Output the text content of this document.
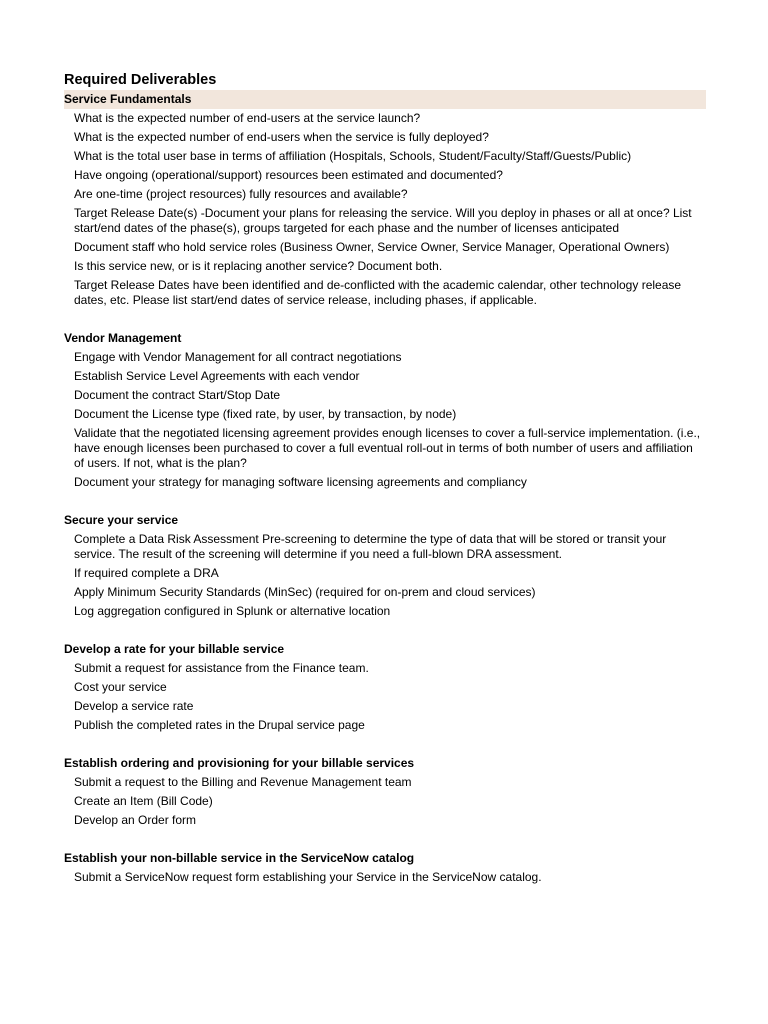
Required Deliverables
Service Fundamentals
What is the expected number of end-users at the service launch?
What is the expected number of end-users when the service is fully deployed?
What is the total user base in terms of affiliation (Hospitals, Schools, Student/Faculty/Staff/Guests/Public)
Have ongoing (operational/support) resources been estimated and documented?
Are one-time (project resources) fully resources and available?
Target Release Date(s) -Document your plans for releasing the service. Will you deploy in phases or all at once? List start/end dates of the phase(s), groups targeted for each phase and the number of licenses anticipated
Document staff who hold service roles (Business Owner, Service Owner, Service Manager, Operational Owners)
Is this service new, or is it replacing another service? Document both.
Target Release Dates have been identified and de-conflicted with the academic calendar, other technology release dates, etc. Please list start/end dates of service release, including phases, if applicable.
Vendor Management
Engage with Vendor Management for all contract negotiations
Establish Service Level Agreements with each vendor
Document the contract Start/Stop Date
Document the License type (fixed rate, by user, by transaction, by node)
Validate that the negotiated licensing agreement provides enough licenses to cover a full-service implementation. (i.e., have enough licenses been purchased to cover a full eventual roll-out in terms of both number of users and affiliation of users. If not, what is the plan?
Document your strategy for managing software licensing agreements and compliancy
Secure your service
Complete a Data Risk Assessment Pre-screening to determine the type of data that will be stored or transit your service. The result of the screening will determine if you need a full-blown DRA assessment.
If required complete a DRA
Apply Minimum Security Standards (MinSec) (required for on-prem and cloud services)
Log aggregation configured in Splunk or alternative location
Develop a rate for your billable service
Submit a request for assistance from the Finance team.
Cost your service
Develop a service rate
Publish the completed rates in the Drupal service page
Establish ordering and provisioning for your billable services
Submit a request to the Billing and Revenue Management team
Create an Item (Bill Code)
Develop an Order form
Establish your non-billable service in the ServiceNow catalog
Submit a ServiceNow request form establishing your Service in the ServiceNow catalog.
